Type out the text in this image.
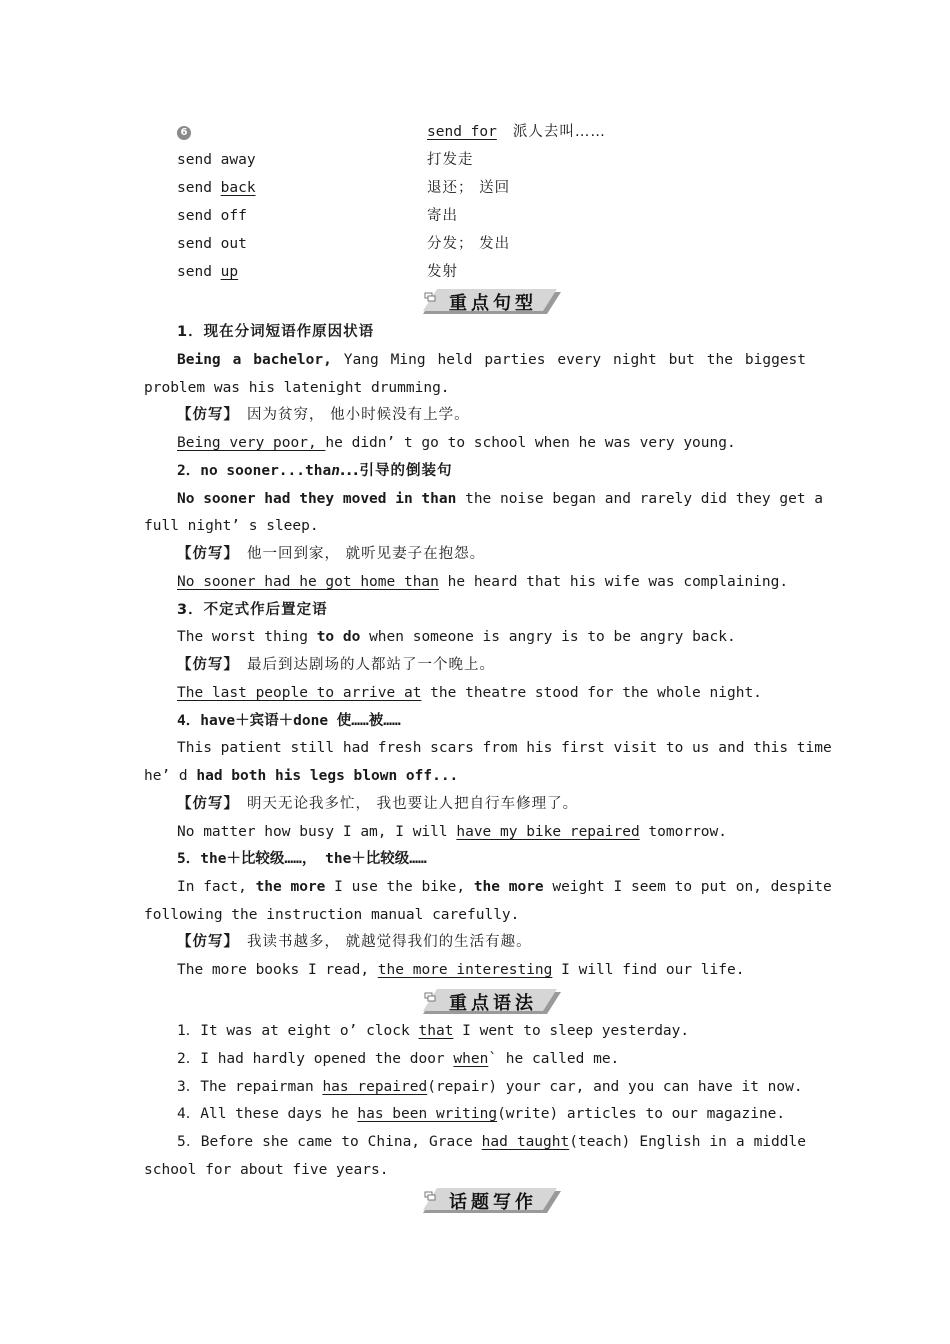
6	send for 派人去叫……
send away	打发走
send back	退还； 送回
send off	寄出
send out	分发； 发出
send up	发射
重点句型
1．现在分词短语作原因状语
Being a bachelor, Yang Ming held parties every night but the biggest
problem was his latenight drumming.
【仿写】 因为贫穷， 他小时候没有上学。
Being very poor, he didn’ t go to school when he was very young.
2．no sooner...than...引导的倒装句
No sooner had they moved in than the noise began and rarely did they get a
full night’ s sleep.
【仿写】 他一回到家， 就听见妻子在抱怨。
No sooner had he got home than he heard that his wife was complaining.
3．不定式作后置定语
The worst thing to do when someone is angry is to be angry back.
【仿写】 最后到达剧场的人都站了一个晚上。
The last people to arrive at the theatre stood for the whole night.
4．have＋宾语＋done 使……被……
This patient still had fresh scars from his first visit to us and this time
he’ d had both his legs blown off...
【仿写】 明天无论我多忙， 我也要让人把自行车修理了。
No matter how busy I am, I will have my bike repaired tomorrow.
5．the＋比较级……， the＋比较级……
In fact, the more I use the bike, the more weight I seem to put on, despite
following the instruction manual carefully.
【仿写】 我读书越多， 就越觉得我们的生活有趣。
The more books I read, the more interesting I will find our life.
重点语法
1．It was at eight o’ clock that I went to sleep yesterday.
2．I had hardly opened the door when` he called me.
3．The repairman has repaired(repair) your car, and you can have it now.
4．All these days he has been writing(write) articles to our magazine.
5．Before she came to China, Grace had taught(teach) English in a middle
school for about five years.
话题写作
